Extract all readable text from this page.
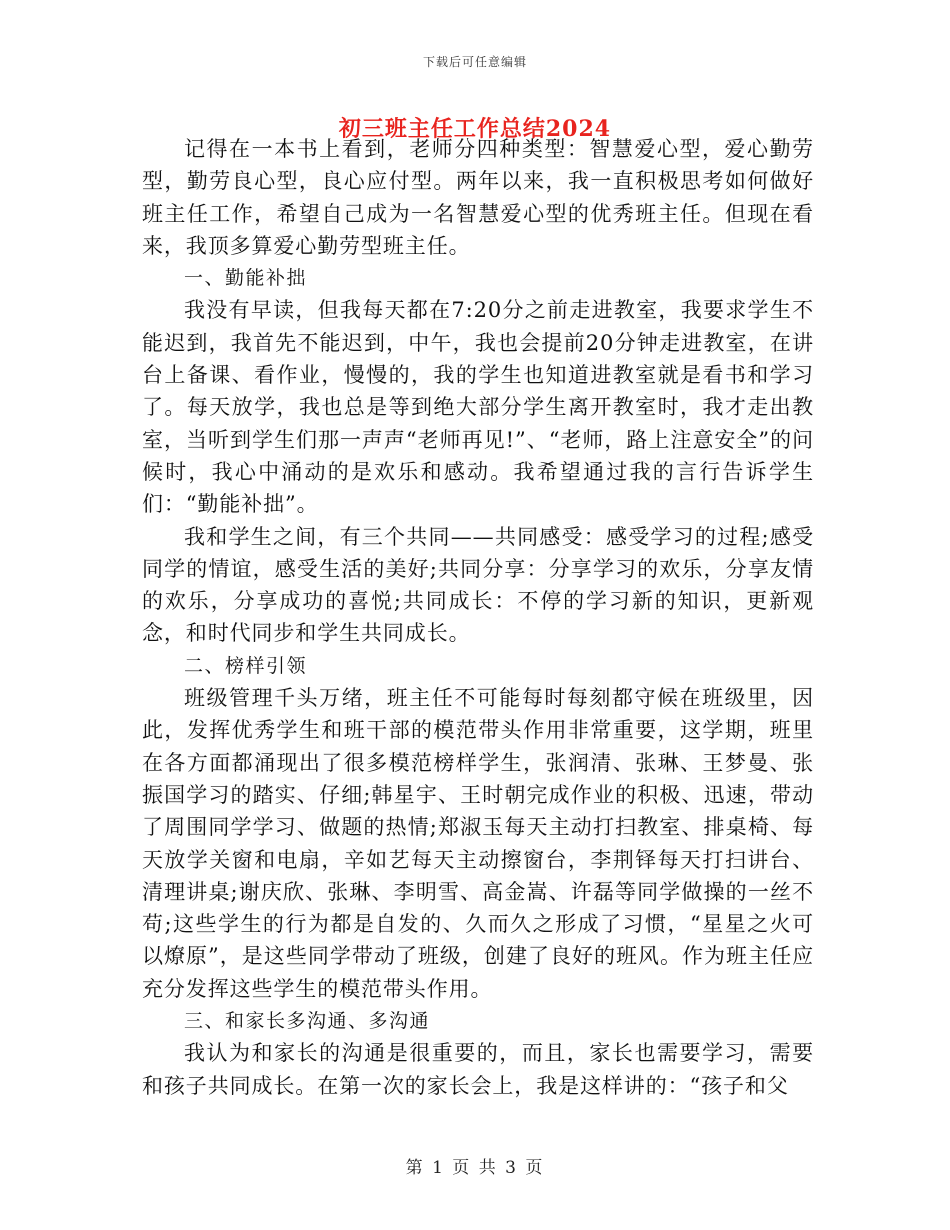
下载后可任意编辑
初三班主任工作总结2024

记得在一本书上看到，老师分四种类型：智慧爱心型，爱心勤劳型，勤劳良心型，良心应付型。两年以来，我一直积极思考如何做好班主任工作，希望自己成为一名智慧爱心型的优秀班主任。但现在看来，我顶多算爱心勤劳型班主任。

一、勤能补拙

我没有早读，但我每天都在7:20分之前走进教室，我要求学生不能迟到，我首先不能迟到，中午，我也会提前20分钟走进教室，在讲台上备课、看作业，慢慢的，我的学生也知道进教室就是看书和学习了。每天放学，我也总是等到绝大部分学生离开教室时，我才走出教室，当听到学生们那一声声“老师再见!”、“老师，路上注意安全”的问候时，我心中涌动的是欢乐和感动。我希望通过我的言行告诉学生们：“勤能补拙”。

我和学生之间，有三个共同——共同感受：感受学习的过程;感受同学的情谊，感受生活的美好;共同分享：分享学习的欢乐，分享友情的欢乐，分享成功的喜悦;共同成长：不停的学习新的知识，更新观念，和时代同步和学生共同成长。

二、榜样引领

班级管理千头万绪，班主任不可能每时每刻都守候在班级里，因此，发挥优秀学生和班干部的模范带头作用非常重要，这学期，班里在各方面都涌现出了很多模范榜样学生，张润清、张琳、王梦曼、张振国学习的踏实、仔细;韩星宇、王时朝完成作业的积极、迅速，带动了周围同学学习、做题的热情;郑淑玉每天主动打扫教室、排桌椅、每天放学关窗和电扇，辛如艺每天主动擦窗台，李荆铎每天打扫讲台、清理讲桌;谢庆欣、张琳、李明雪、高金嵩、许磊等同学做操的一丝不苟;这些学生的行为都是自发的、久而久之形成了习惯，“星星之火可以燎原”，是这些同学带动了班级，创建了良好的班风。作为班主任应充分发挥这些学生的模范带头作用。

三、和家长多沟通、多沟通

我认为和家长的沟通是很重要的，而且，家长也需要学习，需要和孩子共同成长。在第一次的家长会上，我是这样讲的：“孩子和父

第 1 页 共 3 页
